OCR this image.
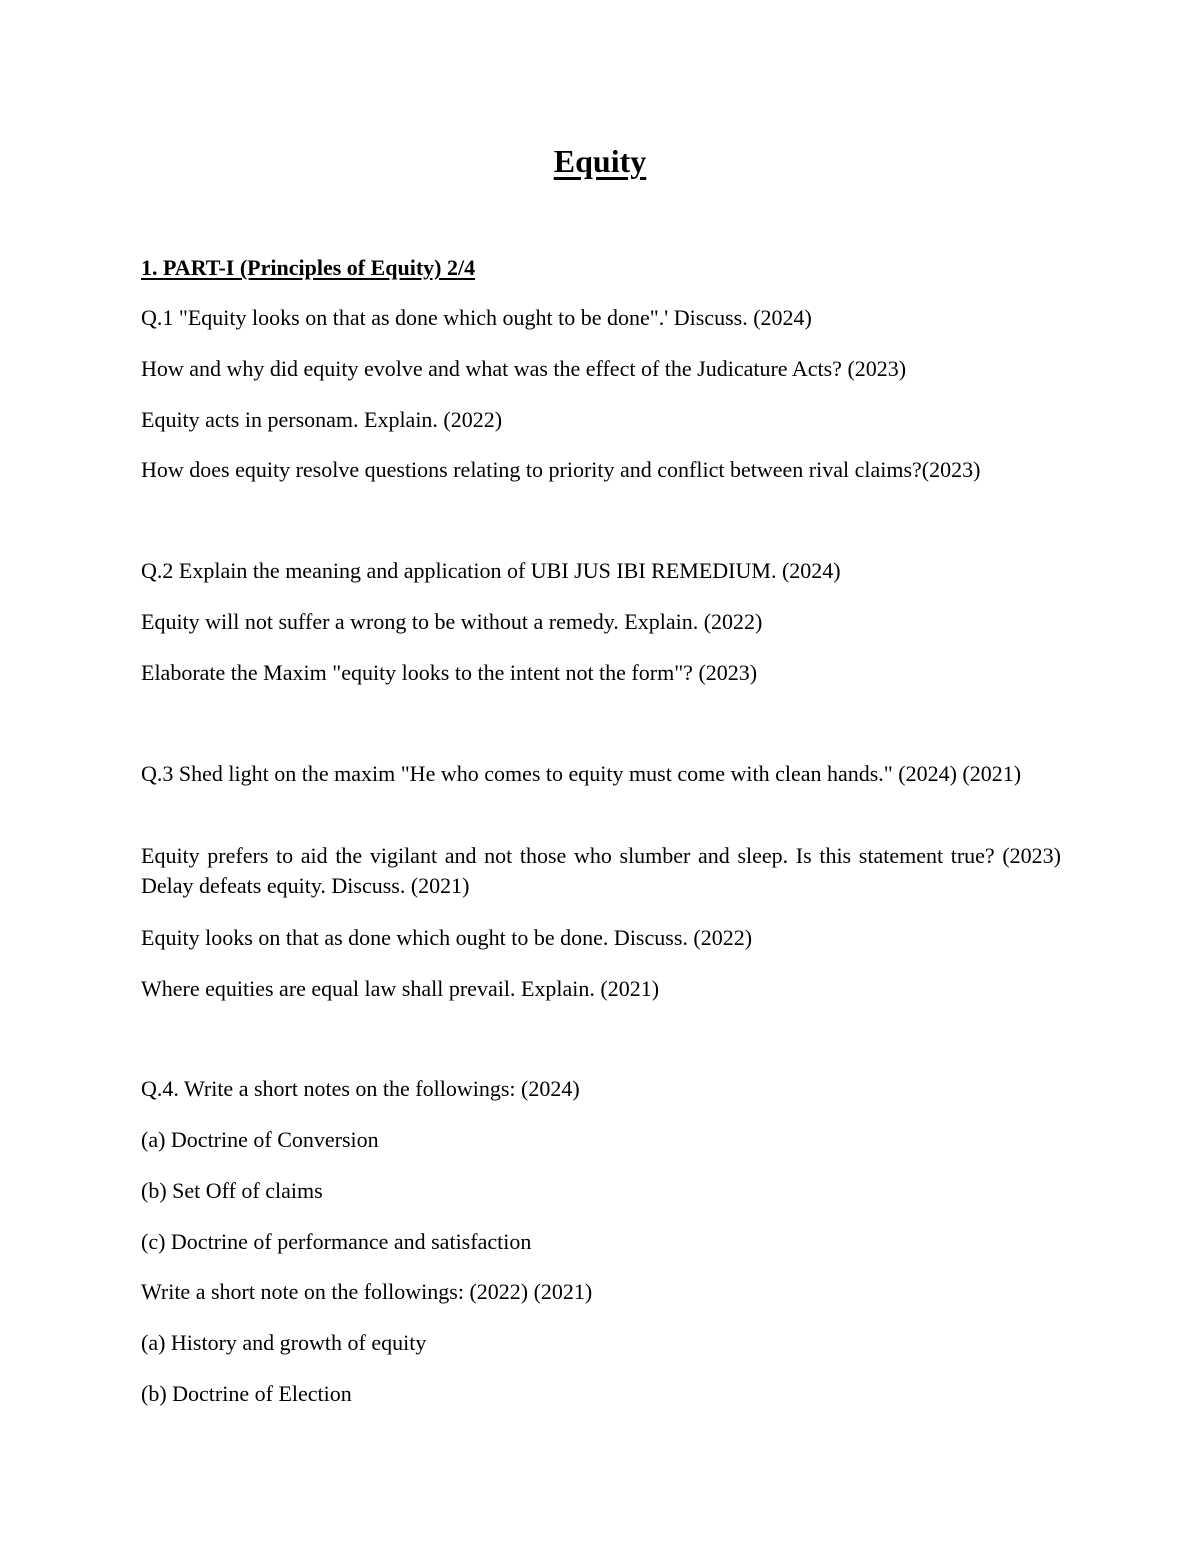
Equity

1. PART-I (Principles of Equity) 2/4

Q.1 "Equity looks on that as done which ought to be done".' Discuss. (2024)

How and why did equity evolve and what was the effect of the Judicature Acts? (2023)

Equity acts in personam. Explain. (2022)

How does equity resolve questions relating to priority and conflict between rival claims?(2023)

Q.2 Explain the meaning and application of UBI JUS IBI REMEDIUM. (2024)

Equity will not suffer a wrong to be without a remedy. Explain. (2022)

Elaborate the Maxim "equity looks to the intent not the form"? (2023)

Q.3 Shed light on the maxim "He who comes to equity must come with clean hands." (2024) (2021)

Equity prefers to aid the vigilant and not those who slumber and sleep. Is this statement true? (2023) Delay defeats equity. Discuss. (2021)

Equity looks on that as done which ought to be done. Discuss. (2022)

Where equities are equal law shall prevail. Explain. (2021)

Q.4. Write a short notes on the followings: (2024)

(a) Doctrine of Conversion

(b) Set Off of claims

(c) Doctrine of performance and satisfaction

Write a short note on the followings: (2022) (2021)

(a) History and growth of equity

(b) Doctrine of Election
